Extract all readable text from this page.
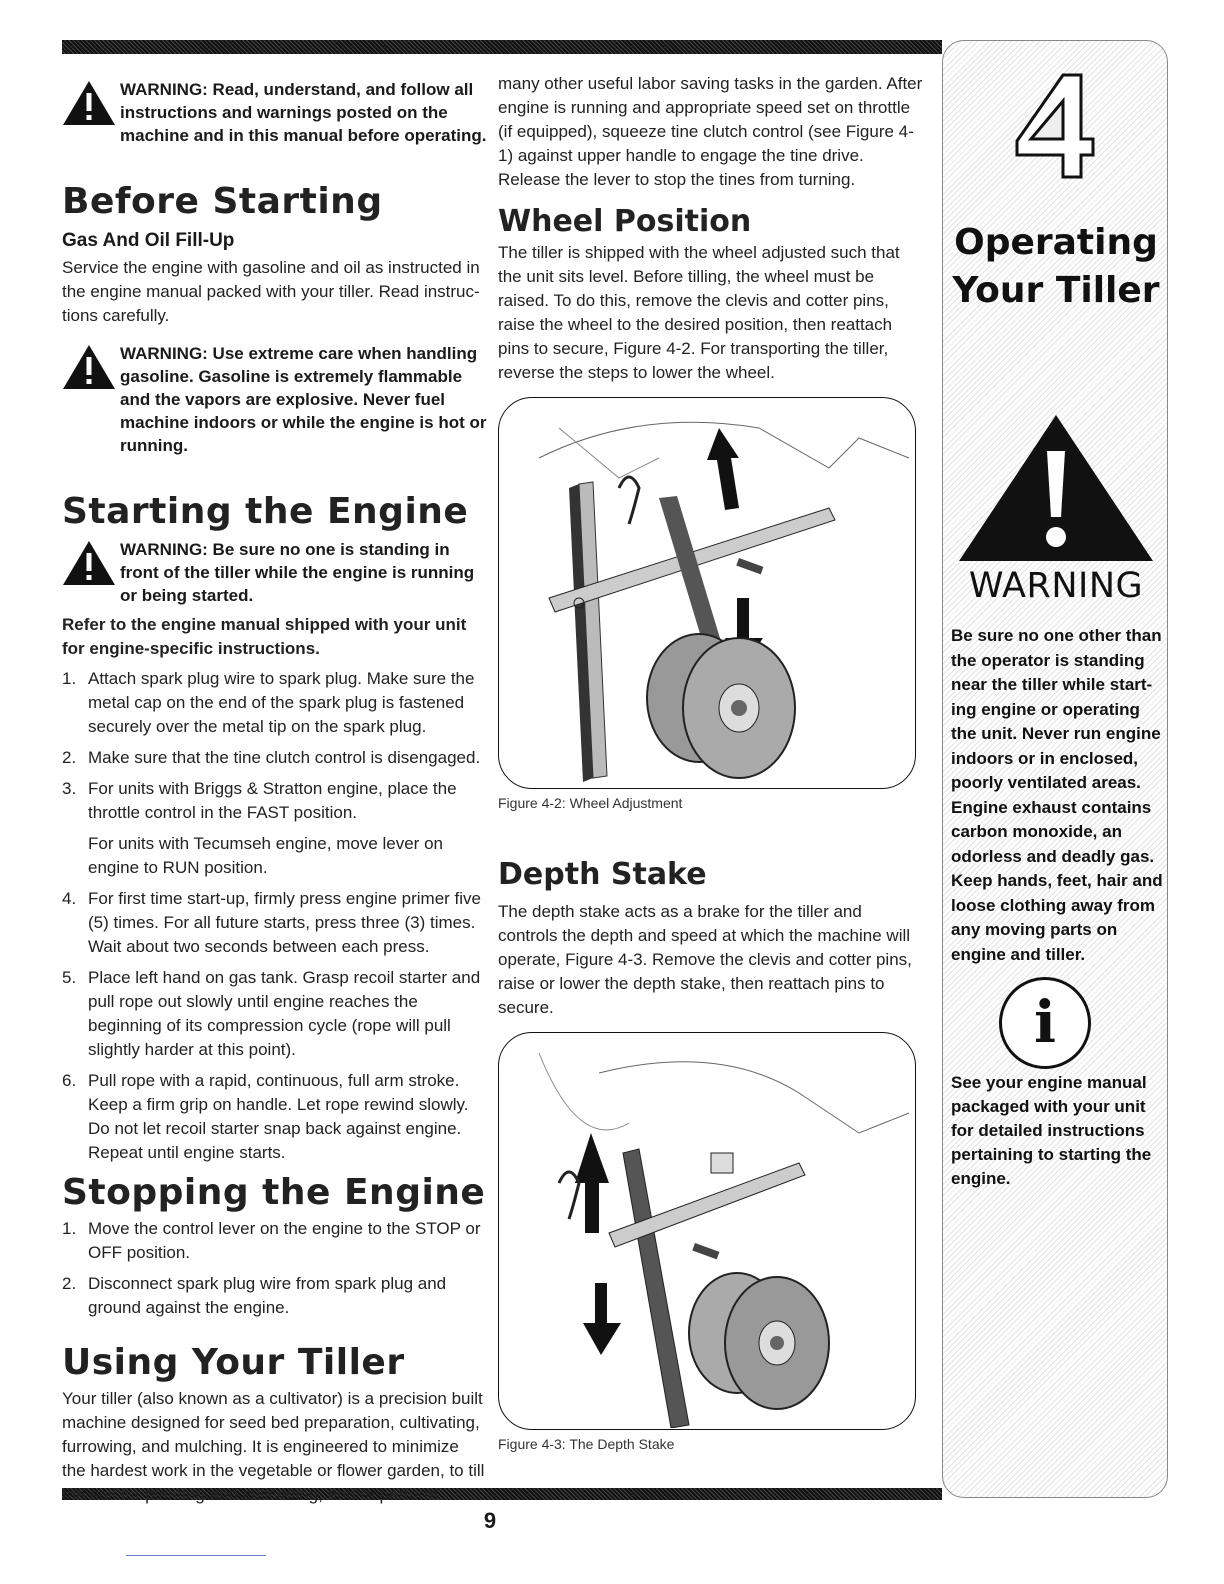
WARNING: Read, understand, and follow all instructions and warnings posted on the machine and in this manual before operating.
Before Starting
Gas And Oil Fill-Up

Service the engine with gasoline and oil as instructed in the engine manual packed with your tiller. Read instruc-tions carefully.

WARNING: Use extreme care when handling gasoline. Gasoline is extremely flammable and the vapors are explosive. Never fuel machine indoors or while the engine is hot or running.
Starting the Engine
WARNING: Be sure no one is standing in front of the tiller while the engine is running or being started.

Refer to the engine manual shipped with your unit for engine-specific instructions.

1. Attach spark plug wire to spark plug. Make sure the metal cap on the end of the spark plug is fastened securely over the metal tip on the spark plug.
2. Make sure that the tine clutch control is disengaged.
3. For units with Briggs & Stratton engine, place the throttle control in the FAST position.
For units with Tecumseh engine, move lever on engine to RUN position.
4. For first time start-up, firmly press engine primer five (5) times. For all future starts, press three (3) times. Wait about two seconds between each press.
5. Place left hand on gas tank. Grasp recoil starter and pull rope out slowly until engine reaches the beginning of its compression cycle (rope will pull slightly harder at this point).
6. Pull rope with a rapid, continuous, full arm stroke. Keep a firm grip on handle. Let rope rewind slowly. Do not let recoil starter snap back against engine. Repeat until engine starts.
Stopping the Engine
1. Move the control lever on the engine to the STOP or OFF position.
2. Disconnect spark plug wire from spark plug and ground against the engine.
Using Your Tiller

Your tiller (also known as a cultivator) is a precision built machine designed for seed bed preparation, cultivating, furrowing, and mulching. It is engineered to minimize the hardest work in the vegetable or flower garden, to till the soil for planting and cultivating, and to perform

many other useful labor saving tasks in the garden. After engine is running and appropriate speed set on throttle (if equipped), squeeze tine clutch control (see Figure 4-1) against upper handle to engage the tine drive. Release the lever to stop the tines from turning.

Wheel Position

The tiller is shipped with the wheel adjusted such that the unit sits level. Before tilling, the wheel must be raised. To do this, remove the clevis and cotter pins, raise the wheel to the desired position, then reattach pins to secure, Figure 4-2. For transporting the tiller, reverse the steps to lower the wheel.

Figure 4-2: Wheel Adjustment
Depth Stake

The depth stake acts as a brake for the tiller and controls the depth and speed at which the machine will operate, Figure 4-3. Remove the clevis and cotter pins, raise or lower the depth stake, then reattach pins to secure.

Figure 4-3: The Depth Stake
Operating
Your Tiller
WARNING
Be sure no one other than the operator is standing near the tiller while start-ing engine or operating the unit. Never run engine indoors or in enclosed, poorly ventilated areas. Engine exhaust contains carbon monoxide, an odorless and deadly gas. Keep hands, feet, hair and loose clothing away from any moving parts on engine and tiller.
i
See your engine manual packaged with your unit for detailed instructions pertaining to starting the engine.
9
